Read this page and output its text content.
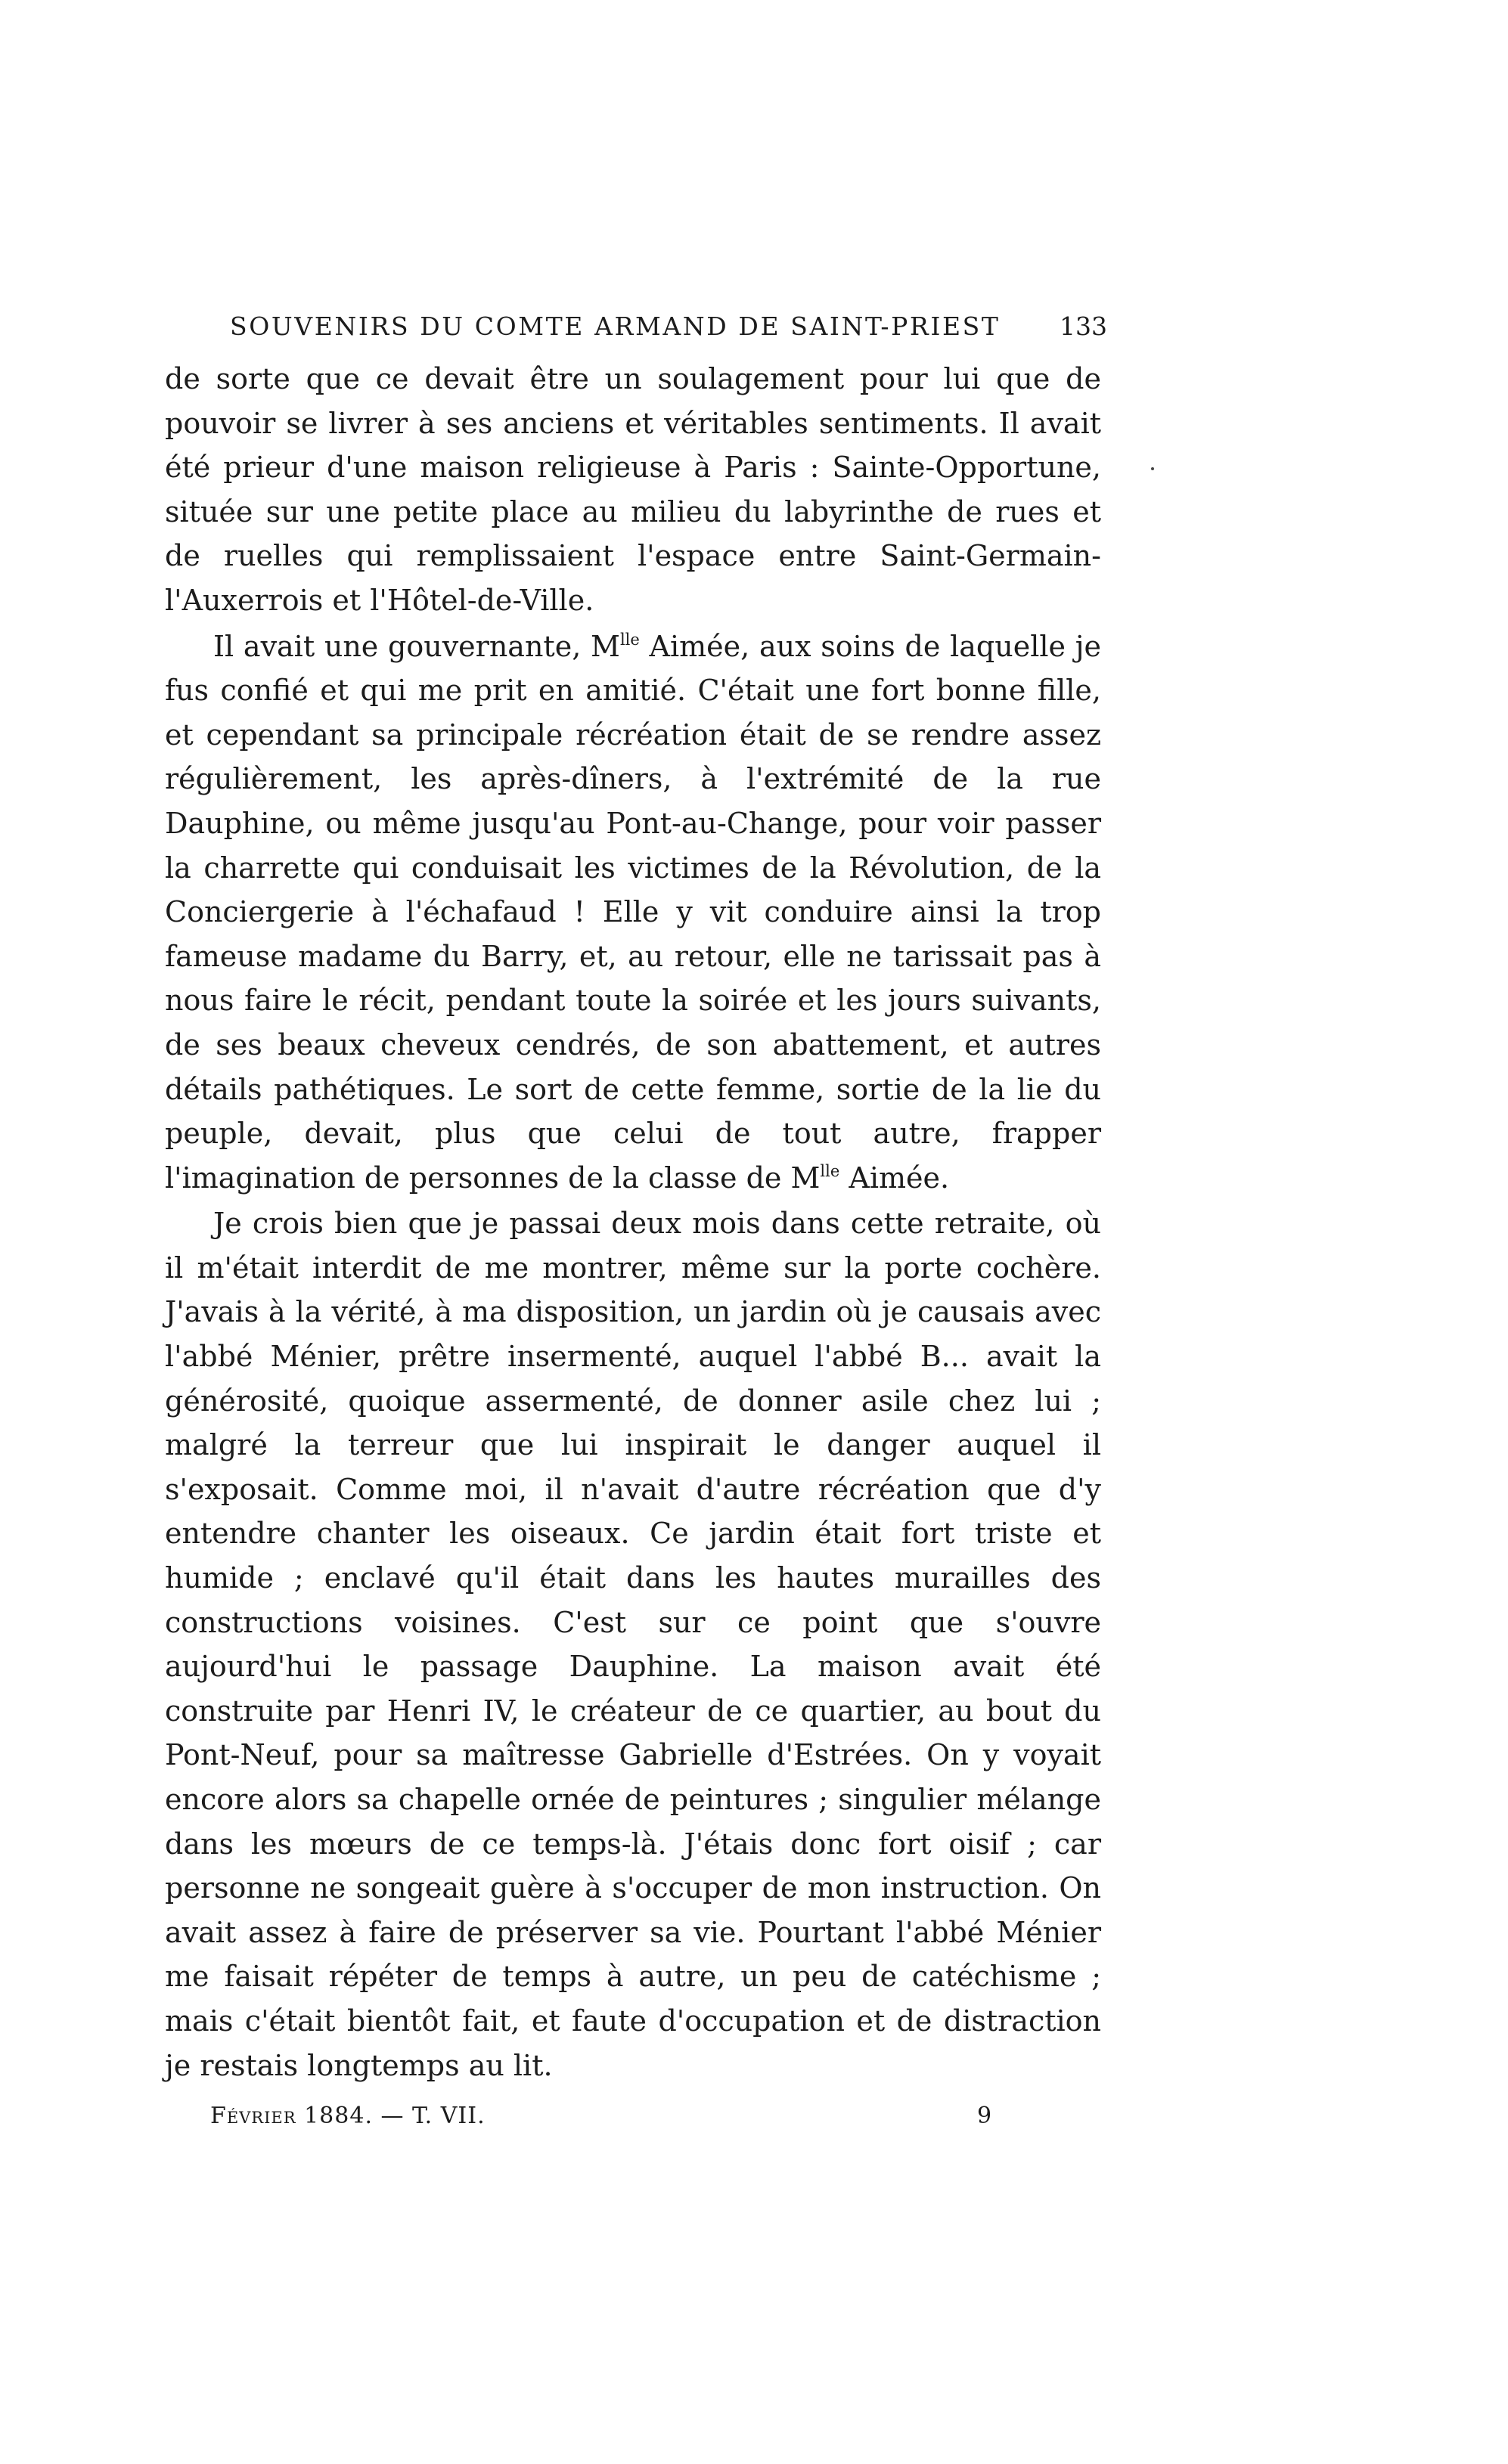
SOUVENIRS DU COMTE ARMAND DE SAINT-PRIEST 133

de sorte que ce devait être un soulagement pour lui que de pouvoir se livrer à ses anciens et véritables sentiments. Il avait été prieur d'une maison religieuse à Paris : Sainte-Opportune, située sur une petite place au milieu du labyrinthe de rues et de ruelles qui remplissaient l'espace entre Saint-Germain-l'Auxerrois et l'Hôtel-de-Ville.

Il avait une gouvernante, $M^{lle}$ Aimée, aux soins de laquelle je fus confié et qui me prit en amitié. C'était une fort bonne fille, et cependant sa principale récréation était de se rendre assez régulièrement, les après-dîners, à l'extrémité de la rue Dauphine, ou même jusqu'au Pont-au-Change, pour voir passer la charrette qui conduisait les victimes de la Révolution, de la Conciergerie à l'échafaud ! Elle y vit conduire ainsi la trop fameuse madame du Barry, et, au retour, elle ne tarissait pas à nous faire le récit, pendant toute la soirée et les jours suivants, de ses beaux cheveux cendrés, de son abattement, et autres détails pathétiques. Le sort de cette femme, sortie de la lie du peuple, devait, plus que celui de tout autre, frapper l'imagination de personnes de la classe de $M^{lle}$ Aimée.

Je crois bien que je passai deux mois dans cette retraite, où il m'était interdit de me montrer, même sur la porte cochère. J'avais à la vérité, à ma disposition, un jardin où je causais avec l'abbé Ménier, prêtre insermenté, auquel l'abbé B... avait la générosité, quoique assermenté, de donner asile chez lui ; malgré la terreur que lui inspirait le danger auquel il s'exposait. Comme moi, il n'avait d'autre récréation que d'y entendre chanter les oiseaux. Ce jardin était fort triste et humide ; enclavé qu'il était dans les hautes murailles des constructions voisines. C'est sur ce point que s'ouvre aujourd'hui le passage Dauphine. La maison avait été construite par Henri IV, le créateur de ce quartier, au bout du Pont-Neuf, pour sa maîtresse Gabrielle d'Estrées. On y voyait encore alors sa chapelle ornée de peintures ; singulier mélange dans les mœurs de ce temps-là. J'étais donc fort oisif ; car personne ne songeait guère à s'occuper de mon instruction. On avait assez à faire de préserver sa vie. Pourtant l'abbé Ménier me faisait répéter de temps à autre, un peu de catéchisme ; mais c'était bientôt fait, et faute d'occupation et de distraction je restais longtemps au lit.

Février 1884. — T. VII.	9
